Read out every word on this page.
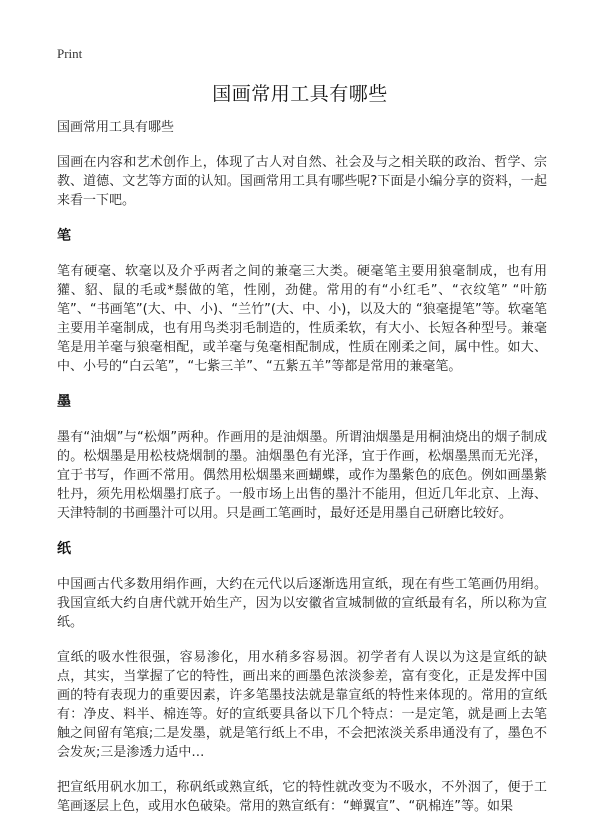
Print
国画常用工具有哪些

国画常用工具有哪些

国画在内容和艺术创作上，体现了古人对自然、社会及与之相关联的政治、哲学、宗教、道德、文艺等方面的认知。国画常用工具有哪些呢?下面是小编分享的资料，一起来看一下吧。

笔

笔有硬毫、软毫以及介乎两者之间的兼毫三大类。硬毫笔主要用狼毫制成，也有用獾、貂、鼠的毛或*鬃做的笔，性刚，劲健。常用的有“小红毛”、“衣纹笔” “叶筋笔”、“书画笔”(大、中、小)、“兰竹”(大、中、小)，以及大的 “狼毫提笔”等。软毫笔主要用羊毫制成，也有用鸟类羽毛制造的，性质柔软，有大小、长短各种型号。兼毫笔是用羊毫与狼毫相配，或羊毫与兔毫相配制成，性质在刚柔之间，属中性。如大、中、小号的“白云笔”，“七紫三羊”、“五紫五羊”等都是常用的兼毫笔。

墨

墨有“油烟”与“松烟”两种。作画用的是油烟墨。所谓油烟墨是用桐油烧出的烟子制成的。松烟墨是用松枝烧烟制的墨。油烟墨色有光泽，宜于作画，松烟墨黑而无光泽，宜于书写，作画不常用。偶然用松烟墨来画蝴蝶，或作为墨紫色的底色。例如画墨紫牡丹，须先用松烟墨打底子。一般市场上出售的墨汁不能用，但近几年北京、上海、天津特制的书画墨汁可以用。只是画工笔画时，最好还是用墨自己研磨比较好。

纸

中国画古代多数用绢作画，大约在元代以后逐渐选用宣纸，现在有些工笔画仍用绢。我国宣纸大约自唐代就开始生产，因为以安徽省宣城制做的宣纸最有名，所以称为宣纸。

宣纸的吸水性很强，容易渗化，用水稍多容易洇。初学者有人误以为这是宣纸的缺点，其实，当掌握了它的特性，画出来的画墨色浓淡参差，富有变化，正是发挥中国画的特有表现力的重要因素，许多笔墨技法就是靠宣纸的特性来体现的。常用的宣纸有：净皮、料半、棉连等。好的宣纸要具备以下几个特点：一是定笔，就是画上去笔触之间留有笔痕;二是发墨，就是笔行纸上不串，不会把浓淡关系串通没有了，墨色不会发灰;三是渗透力适中…

把宣纸用矾水加工，称矾纸或熟宣纸，它的特性就改变为不吸水，不外洇了，便于工笔画逐层上色，或用水色破染。常用的熟宣纸有：“蝉翼宣”、“矾棉连”等。如果
